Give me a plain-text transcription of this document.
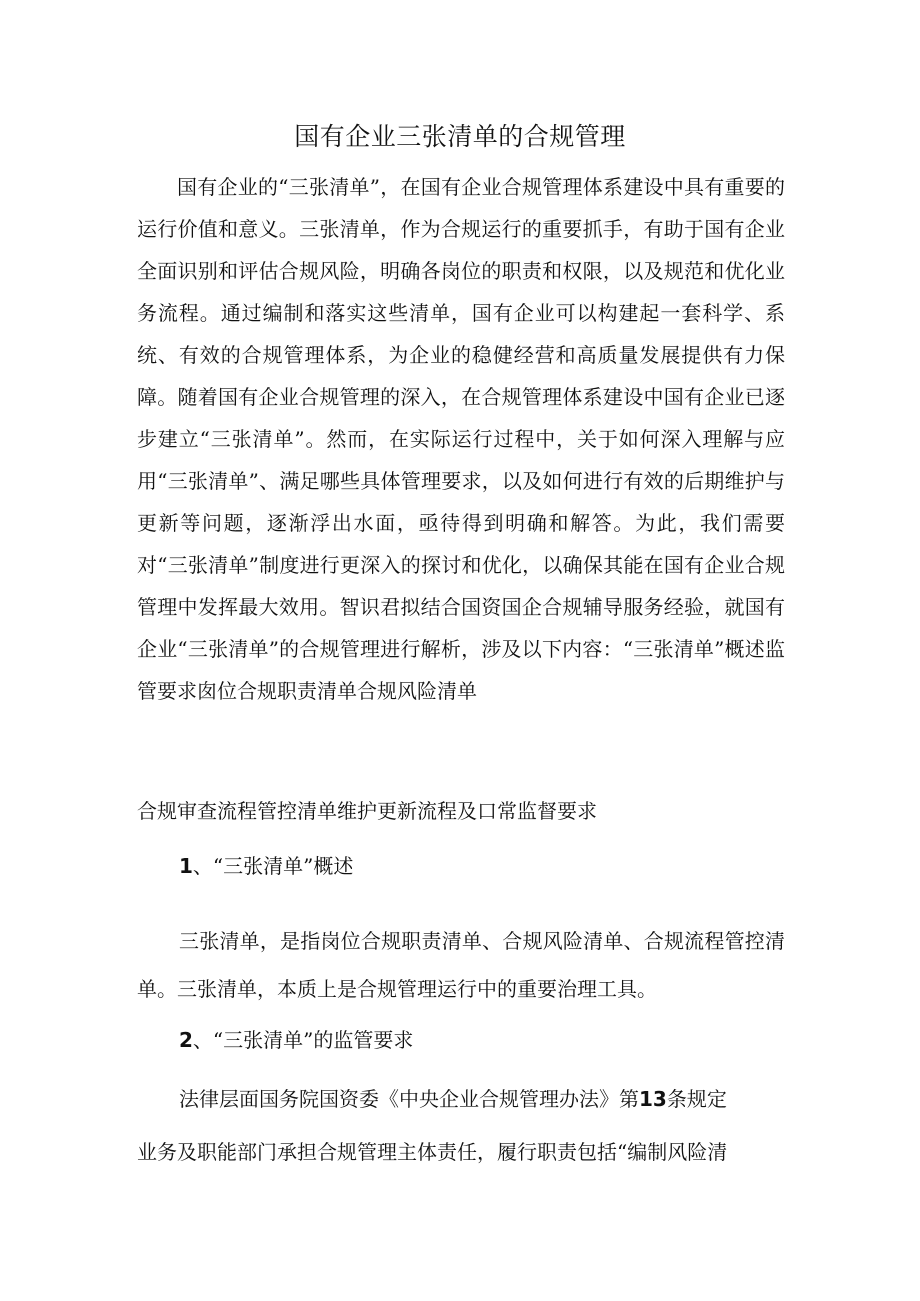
国有企业三张清单的合规管理

国有企业的“三张清单”，在国有企业合规管理体系建设中具有重要的运行价值和意义。三张清单，作为合规运行的重要抓手，有助于国有企业全面识别和评估合规风险，明确各岗位的职责和权限，以及规范和优化业务流程。通过编制和落实这些清单，国有企业可以构建起一套科学、系统、有效的合规管理体系，为企业的稳健经营和高质量发展提供有力保障。随着国有企业合规管理的深入，在合规管理体系建设中国有企业已逐步建立“三张清单”。然而，在实际运行过程中，关于如何深入理解与应用“三张清单”、满足哪些具体管理要求，以及如何进行有效的后期维护与更新等问题，逐渐浮出水面，亟待得到明确和解答。为此，我们需要对“三张清单”制度进行更深入的探讨和优化，以确保其能在国有企业合规管理中发挥最大效用。智识君拟结合国资国企合规辅导服务经验，就国有企业“三张清单”的合规管理进行解析，涉及以下内容：“三张清单”概述监管要求囱位合规职责清单合规风险清单

合规审查流程管控清单维护更新流程及口常监督要求

1、“三张清单”概述

三张清单，是指岗位合规职责清单、合规风险清单、合规流程管控清单。三张清单，本质上是合规管理运行中的重要治理工具。

2、“三张清单”的监管要求

法律层面国务院国资委《中央企业合规管理办法》第13条规定

业务及职能部门承担合规管理主体责任，履行职责包括“编制风险清
